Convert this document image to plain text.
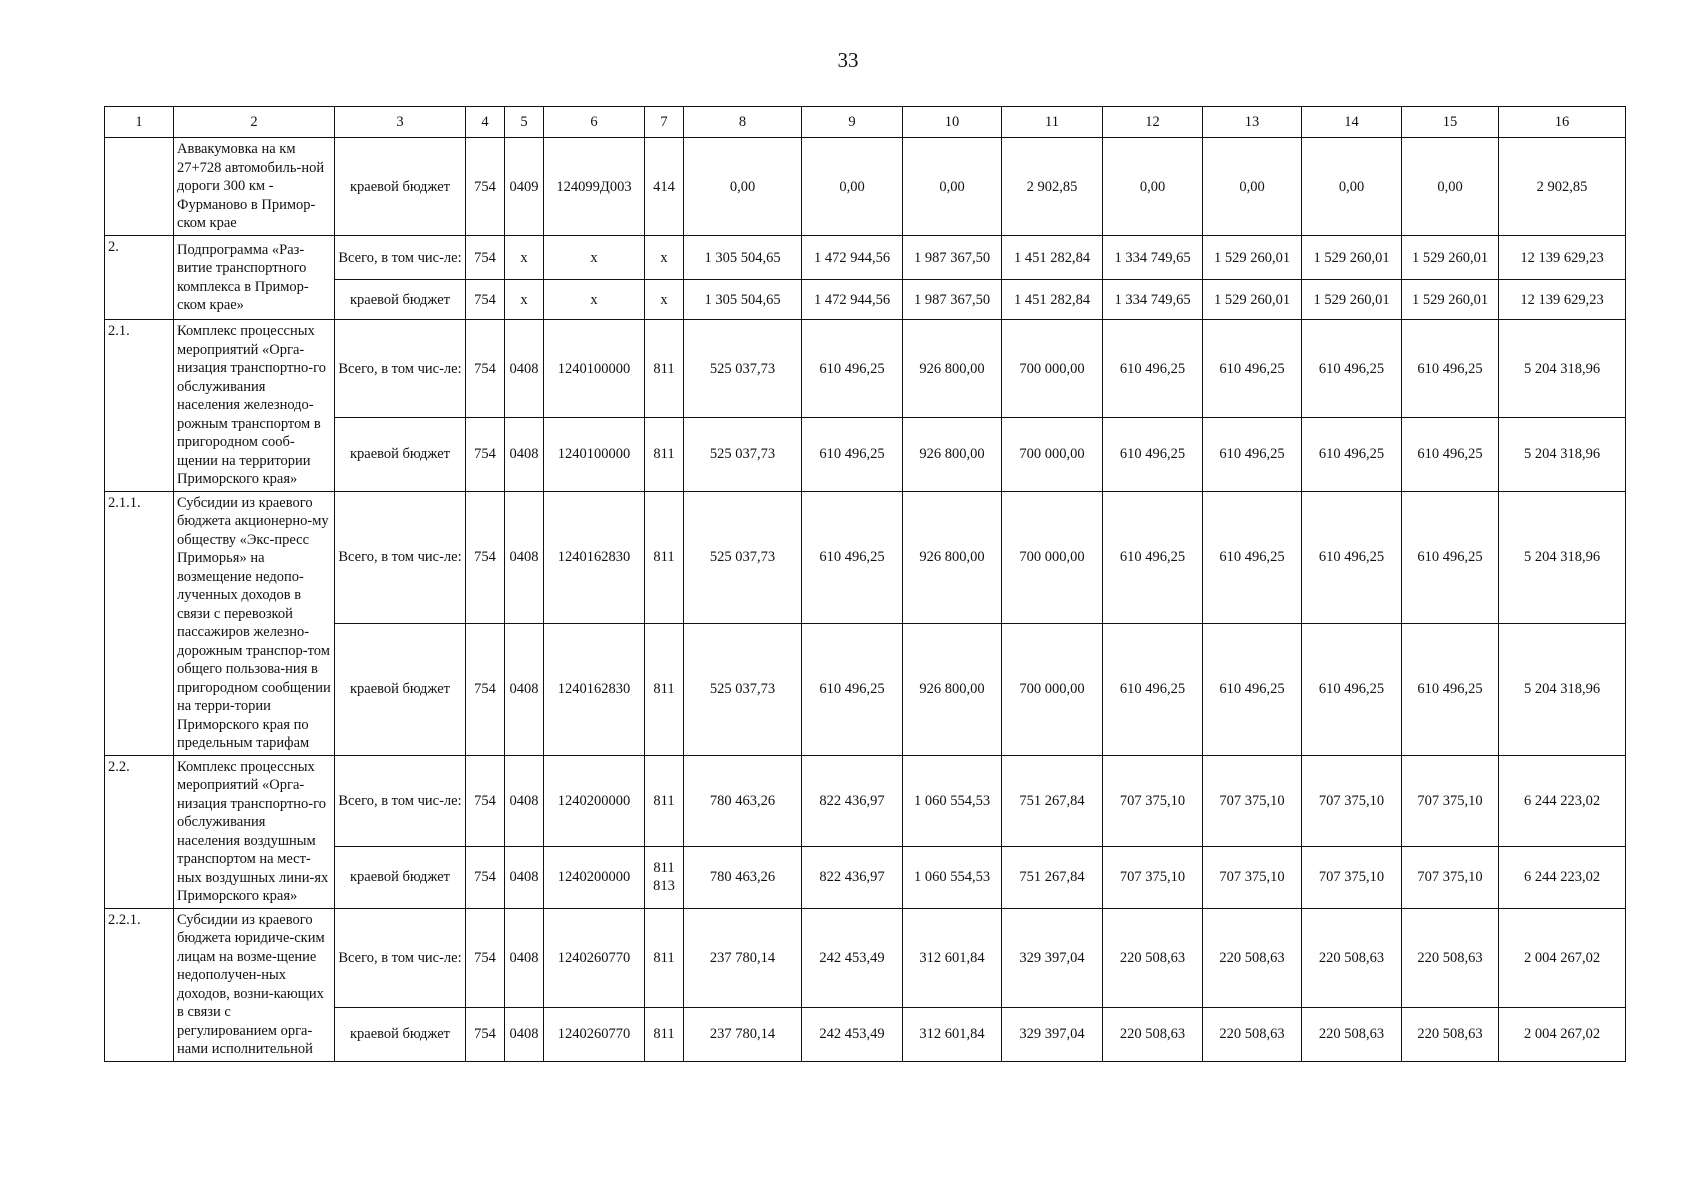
33
1	2	3	4	5	6	7	8	9	10	11	12	13	14	15	16
	Аввакумовка на км 27+728 автомобиль-ной дороги 300 км - Фурманово в Примор-ском крае	краевой бюджет	754	0409	124099Д003	414	0,00	0,00	0,00	2 902,85	0,00	0,00	0,00	0,00	2 902,85
2.	Подпрограмма «Раз-витие транспортного комплекса в Примор-ском крае»	Всего, в том чис-ле:	754	x	x	x	1 305 504,65	1 472 944,56	1 987 367,50	1 451 282,84	1 334 749,65	1 529 260,01	1 529 260,01	1 529 260,01	12 139 629,23
		краевой бюджет	754	x	x	x	1 305 504,65	1 472 944,56	1 987 367,50	1 451 282,84	1 334 749,65	1 529 260,01	1 529 260,01	1 529 260,01	12 139 629,23
2.1.	Комплекс процессных мероприятий «Орга-низация транспортно-го обслуживания населения железнодо-рожным транспортом в пригородном сооб-щении на территории Приморского края»	Всего, в том чис-ле:	754	0408	1240100000	811	525 037,73	610 496,25	926 800,00	700 000,00	610 496,25	610 496,25	610 496,25	610 496,25	5 204 318,96
		краевой бюджет	754	0408	1240100000	811	525 037,73	610 496,25	926 800,00	700 000,00	610 496,25	610 496,25	610 496,25	610 496,25	5 204 318,96
2.1.1.	Субсидии из краевого бюджета акционерно-му обществу «Экс-пресс Приморья» на возмещение недопо-лученных доходов в связи с перевозкой пассажиров железно-дорожным транспор-том общего пользова-ния в пригородном сообщении на терри-тории Приморского края по предельным тарифам	Всего, в том чис-ле:	754	0408	1240162830	811	525 037,73	610 496,25	926 800,00	700 000,00	610 496,25	610 496,25	610 496,25	610 496,25	5 204 318,96
		краевой бюджет	754	0408	1240162830	811	525 037,73	610 496,25	926 800,00	700 000,00	610 496,25	610 496,25	610 496,25	610 496,25	5 204 318,96
2.2.	Комплекс процессных мероприятий «Орга-низация транспортно-го обслуживания населения воздушным транспортом на мест-ных воздушных лини-ях Приморского края»	Всего, в том чис-ле:	754	0408	1240200000	811	780 463,26	822 436,97	1 060 554,53	751 267,84	707 375,10	707 375,10	707 375,10	707 375,10	6 244 223,02
		краевой бюджет	754	0408	1240200000	811 813	780 463,26	822 436,97	1 060 554,53	751 267,84	707 375,10	707 375,10	707 375,10	707 375,10	6 244 223,02
2.2.1.	Субсидии из краевого бюджета юридиче-ским лицам на возме-щение недополучен-ных доходов, возни-кающих в связи с регулированием орга-нами исполнительной	Всего, в том чис-ле:	754	0408	1240260770	811	237 780,14	242 453,49	312 601,84	329 397,04	220 508,63	220 508,63	220 508,63	220 508,63	2 004 267,02
		краевой бюджет	754	0408	1240260770	811	237 780,14	242 453,49	312 601,84	329 397,04	220 508,63	220 508,63	220 508,63	220 508,63	2 004 267,02
